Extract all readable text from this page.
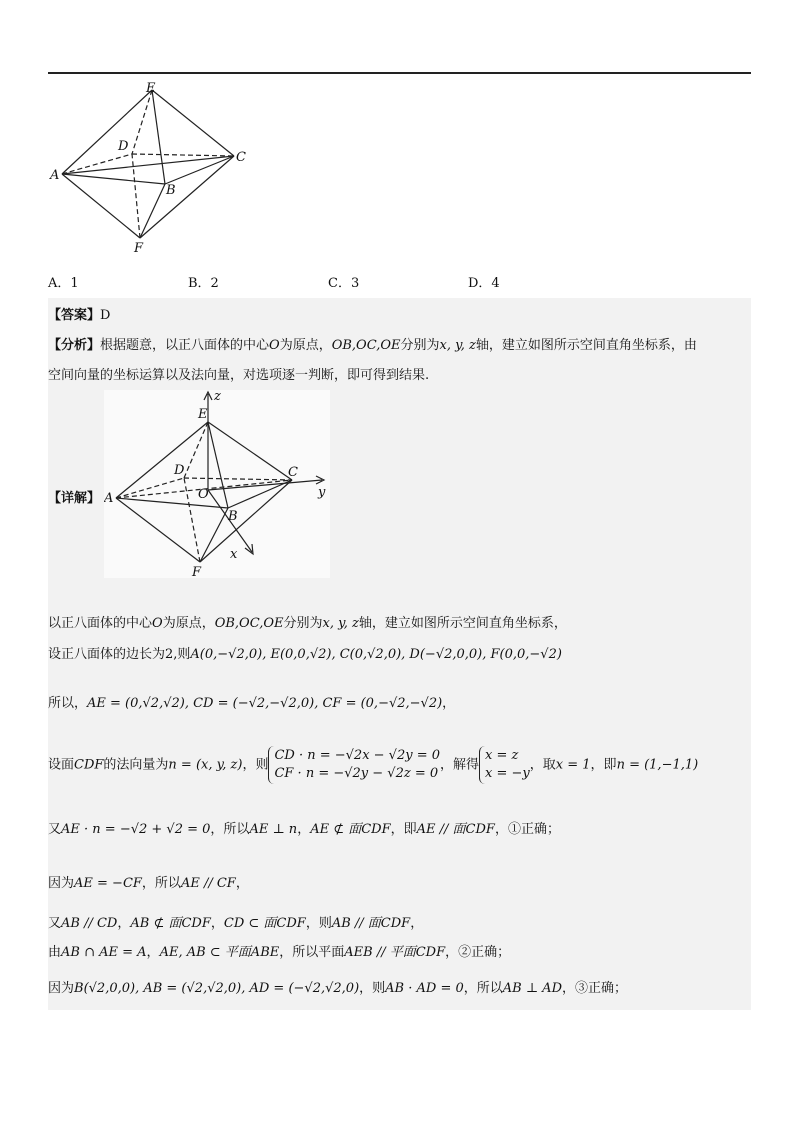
E
D
C
A
B
F
A．1	B．2	C．3	D．4
【答案】D
【分析】根据题意，以正八面体的中心O为原点，OB,OC,OE分别为x, y, z轴，建立如图所示空间直角坐标系，由
空间向量的坐标运算以及法向量，对选项逐一判断，即可得到结果.
【详解】
z
E
D	C
y
A	O
B
x
F
以正八面体的中心O为原点，OB,OC,OE分别为x, y, z轴，建立如图所示空间直角坐标系，
设正八面体的边长为2,则A(0,−√2,0), E(0,0,√2), C(0,√2,0), D(−√2,0,0), F(0,0,−√2)
所以，AE = (0,√2,√2), CD = (−√2,−√2,0), CF = (0,−√2,−√2)，
设面CDF的法向量为n = (x, y, z)，则CD · n = −√2x − √2y = 0
CF · n = −√2y − √2z = 0，解得x = z
x = −y，取x = 1，即n = (1,−1,1)
又AE · n = −√2 + √2 = 0，所以AE ⊥ n，AE ⊄ 面CDF，即AE // 面CDF，①正确；
因为AE = −CF，所以AE // CF，
又AB // CD，AB ⊄ 面CDF，CD ⊂ 面CDF，则AB // 面CDF，
由AB ∩ AE = A，AE, AB ⊂ 平面ABE，所以平面AEB // 平面CDF，②正确；
因为B(√2,0,0), AB = (√2,√2,0), AD = (−√2,√2,0)，则AB · AD = 0，所以AB ⊥ AD，③正确；
